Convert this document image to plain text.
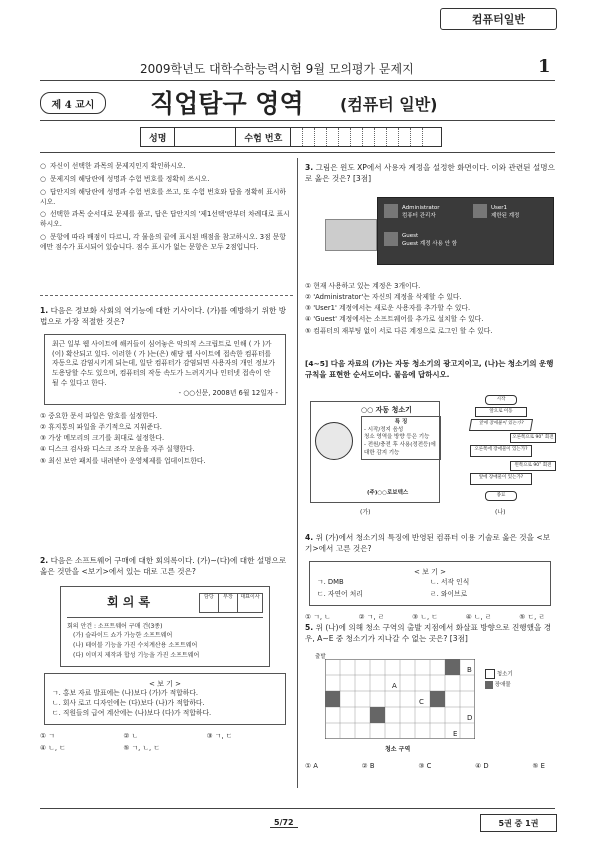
컴퓨터일반
2009학년도 대학수학능력시험 9월 모의평가 문제지	1
제 4 교시	직업탐구 영역 (컴퓨터 일반)
성명	수험 번호
○ 자신이 선택한 과목의 문제지인지 확인하시오.
○ 문제지의 해당란에 성명과 수험 번호를 정확히 쓰시오.
○ 답안지의 해당란에 성명과 수험 번호를 쓰고, 또 수험 번호와 답을 정확히 표시하시오.
○ 선택한 과목 순서대로 문제를 풀고, 답은 답안지의 '제1선택'란부터 차례대로 표시하시오.
○ 문항에 따라 배점이 다르니, 각 물음의 끝에 표시된 배점을 참고하시오. 3점 문항에만 점수가 표시되어 있습니다. 점수 표시가 없는 문항은 모두 2점입니다.
1. 다음은 정보화 사회의 역기능에 대한 기사이다. (가)를 예방하기 위한 방법으로 가장 적절한 것은?
최근 일부 웹 사이트에 해커들이 심어놓은 악의적 스크립트로 인해 ( 가 )가(이) 확산되고 있다. 이러한 ( 가 )는(은) 해당 웹 사이트에 접속한 컴퓨터를 자동으로 감염시키게 되는데, 일단 컴퓨터가 감염되면 사용자의 개인 정보가 도용당할 수도 있으며, 컴퓨터의 작동 속도가 느려지거나 인터넷 접속이 안 될 수 있다고 한다.
- ○○신문, 2008년 6월 12일자 -
① 중요한 문서 파일은 암호를 설정한다.
② 휴지통의 파일을 주기적으로 지워준다.
③ 가상 메모리의 크기를 최대로 설정한다.
④ 디스크 검사와 디스크 조각 모음을 자주 실행한다.
⑤ 최신 보안 패치를 내려받아 운영체제를 업데이트한다.
2. 다음은 소프트웨어 구매에 대한 회의록이다. (가)~(다)에 대한 설명으로 옳은 것만을 <보기>에서 있는 대로 고른 것은?
회 의 록	담당	부장	대표이사
회의 안건 : 소프트웨어 구매 건(3종)
(가) 슬라이드 쇼가 가능한 소프트웨어
(나) 테이블 기능을 가진 수치계산용 소프트웨어
(다) 이미지 제작과 합성 기능을 가진 소프트웨어
< 보 기 >
ㄱ. 홍보 자료 발표에는 (나)보다 (가)가 적합하다.
ㄴ. 회사 로고 디자인에는 (다)보다 (나)가 적합하다.
ㄷ. 직원들의 급여 계산에는 (나)보다 (다)가 적합하다.
① ㄱ	② ㄴ	③ ㄱ, ㄷ
④ ㄴ, ㄷ	⑤ ㄱ, ㄴ, ㄷ
3. 그림은 윈도 XP에서 사용자 계정을 설정한 화면이다. 이와 관련된 설명으로 옳은 것은? [3점]
Administrator
컴퓨터 관리자
User1
제한된 계정
Guest
Guest 계정 사용 안 함
① 현재 사용하고 있는 계정은 3개이다.
② 'Administrator'는 자신의 계정을 삭제할 수 있다.
③ 'User1' 계정에서는 새로운 사용자를 추가할 수 있다.
④ 'Guest' 계정에서는 소프트웨어를 추가로 설치할 수 있다.
⑤ 컴퓨터의 재부팅 없이 서로 다른 계정으로 로그인 할 수 있다.
[4~5] 다음 자료의 (가)는 자동 청소기의 광고지이고, (나)는 청소기의 운행 규칙을 표현한 순서도이다. 물음에 답하시오.
○○ 자동 청소기
특 징
- 시작/정지 음성
청소 영역을 방향 등은 기능
- 전원/충전 후 사용(정전등)에 대한 감지 기능
(주)○○로보텍스
시작
앞으로 이동
앞에 장애물이 있는가?
오른쪽으로 90˚ 회전
오른쪽에 장애물이 있는가?
왼쪽으로 90˚ 회전
앞에 장애물이 있는가?
종료
(가)	(나)
4. 위 (가)에서 청소기의 특징에 반영된 컴퓨터 이용 기술로 옳은 것을 <보기>에서 고른 것은?
< 보 기 >
ㄱ. DMB	ㄴ. 서작 인식
ㄷ. 자연어 처리	ㄹ. 와이브로
① ㄱ, ㄴ	② ㄱ, ㄹ	③ ㄴ, ㄷ	④ ㄴ, ㄹ	⑤ ㄷ, ㄹ
5. 위 (나)에 의해 청소 구역의 출발 지점에서 화살표 방향으로 진행했을 경우, A~E 중 청소기가 지나갈 수 없는 곳은? [3점]
출발
A
B
C
D
E
청소기
장애물
청소 구역
① A	② B	③ C	④ D	⑤ E
5/72	5권 중 1권
